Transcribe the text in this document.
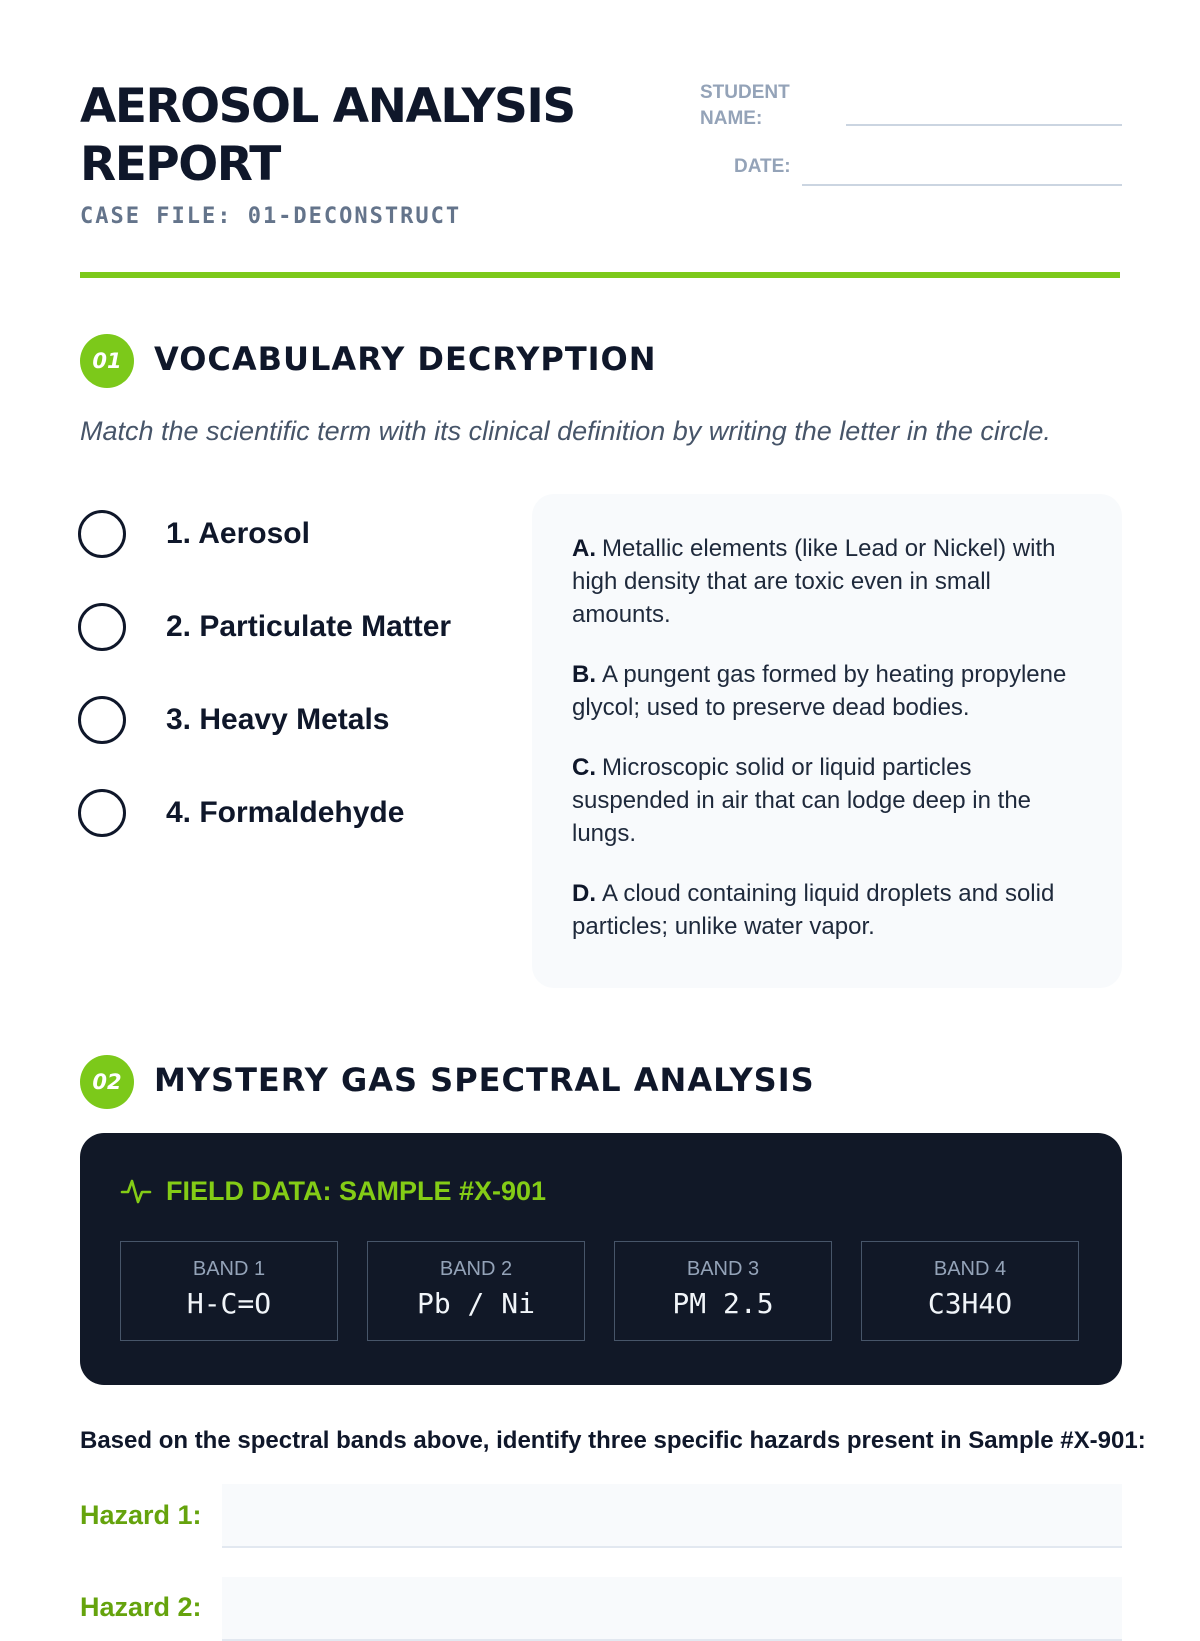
AEROSOL ANALYSIS REPORT
CASE FILE: 01-DECONSTRUCT
STUDENT NAME:
DATE:
01	VOCABULARY DECRYPTION
Match the scientific term with its clinical definition by writing the letter in the circle.
1. Aerosol
2. Particulate Matter
3. Heavy Metals
4. Formaldehyde

A. Metallic elements (like Lead or Nickel) with high density that are toxic even in small amounts.

B. A pungent gas formed by heating propylene glycol; used to preserve dead bodies.

C. Microscopic solid or liquid particles suspended in air that can lodge deep in the lungs.

D. A cloud containing liquid droplets and solid particles; unlike water vapor.

02	MYSTERY GAS SPECTRAL ANALYSIS
FIELD DATA: SAMPLE #X-901
BAND 1
H-C=O
BAND 2
Pb / Ni
BAND 3
PM 2.5
BAND 4
C3H4O
Based on the spectral bands above, identify three specific hazards present in Sample #X-901:
Hazard 1:
Hazard 2:
